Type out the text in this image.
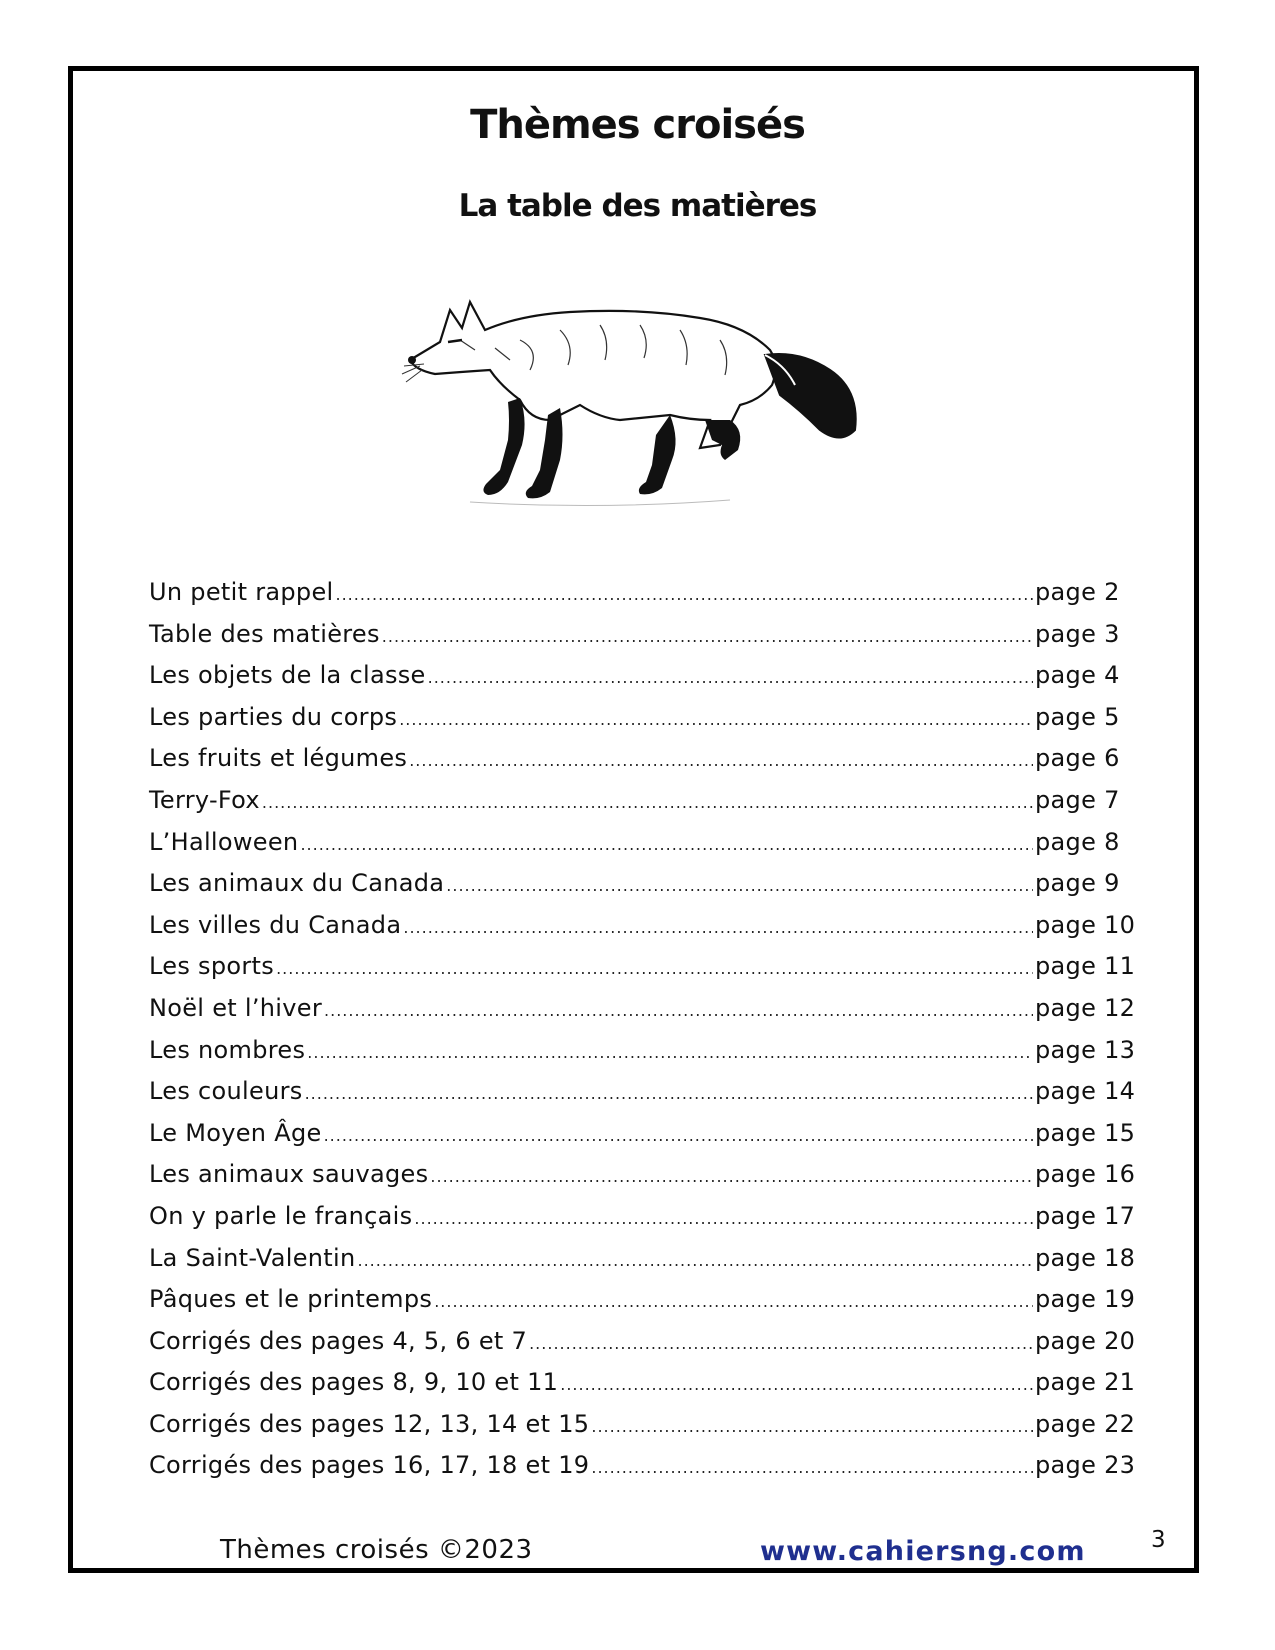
Thèmes croisés
La table des matières
Un petit rappel .....	page 2
Table des matières .....	page 3
Les objets de la classe .....	page 4
Les parties du corps .....	page 5
Les fruits et légumes .....	page 6
Terry-Fox .....	page 7
L’Halloween .....	page 8
Les animaux du Canada .....	page 9
Les villes du Canada .....	page 10
Les sports .....	page 11
Noël et l’hiver .....	page 12
Les nombres .....	page 13
Les couleurs .....	page 14
Le Moyen Âge .....	page 15
Les animaux sauvages .....	page 16
On y parle le français .....	page 17
La Saint-Valentin .....	page 18
Pâques et le printemps .....	page 19
Corrigés des pages 4, 5, 6 et 7 .....	page 20
Corrigés des pages 8, 9, 10 et 11 .....	page 21
Corrigés des pages 12, 13, 14 et 15 .....	page 22
Corrigés des pages 16, 17, 18 et 19 .....	page 23
Thèmes croisés ©2023	www.cahiersng.com	3
